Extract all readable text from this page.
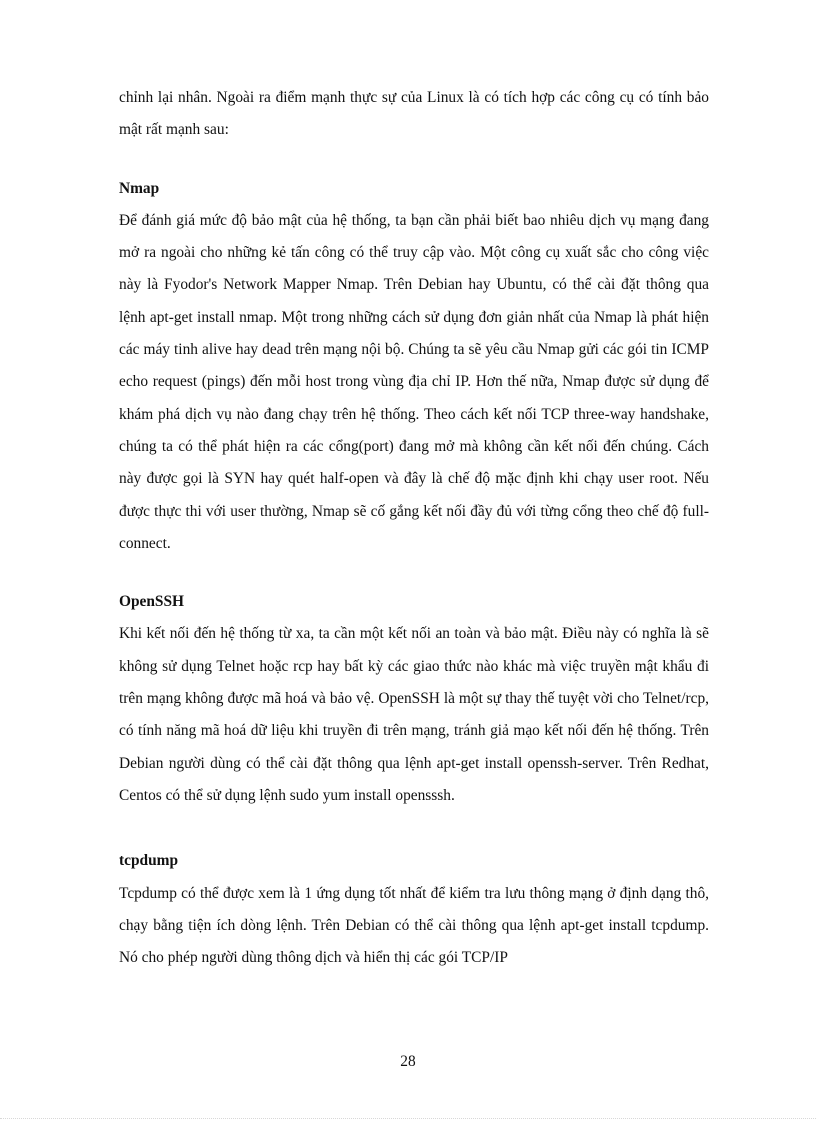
chỉnh lại nhân. Ngoài ra điểm mạnh thực sự của Linux là có tích hợp các công cụ có tính bảo mật rất mạnh sau:

Nmap

Để đánh giá mức độ bảo mật của hệ thống, ta bạn cần phải biết bao nhiêu dịch vụ mạng đang mở ra ngoài cho những kẻ tấn công có thể truy cập vào. Một công cụ xuất sắc cho công việc này là Fyodor's Network Mapper Nmap. Trên Debian hay Ubuntu, có thể cài đặt thông qua lệnh apt-get install nmap. Một trong những cách sử dụng đơn giản nhất của Nmap là phát hiện các máy tinh alive hay dead trên mạng nội bộ. Chúng ta sẽ yêu cầu Nmap gửi các gói tin ICMP echo request (pings) đến mỗi host trong vùng địa chỉ IP. Hơn thế nữa, Nmap được sử dụng để khám phá dịch vụ nào đang chạy trên hệ thống. Theo cách kết nối TCP three-way handshake, chúng ta có thể phát hiện ra các cổng(port) đang mở mà không cần kết nối đến chúng. Cách này được gọi là SYN hay quét half-open và đây là chế độ mặc định khi chạy user root. Nếu được thực thi với user thường, Nmap sẽ cố gắng kết nối đầy đủ với từng cổng theo chế độ full-connect.

OpenSSH

Khi kết nối đến hệ thống từ xa, ta cần một kết nối an toàn và bảo mật. Điều này có nghĩa là sẽ không sử dụng Telnet hoặc rcp hay bất kỳ các giao thức nào khác mà việc truyền mật khẩu đi trên mạng không được mã hoá và bảo vệ. OpenSSH là một sự thay thế tuyệt vời cho Telnet/rcp, có tính năng mã hoá dữ liệu khi truyền đi trên mạng, tránh giả mạo kết nối đến hệ thống. Trên Debian người dùng có thể cài đặt thông qua lệnh apt-get install openssh-server. Trên Redhat, Centos có thể sử dụng lệnh sudo yum install opensssh.

tcpdump

Tcpdump có thể được xem là 1 ứng dụng tốt nhất để kiểm tra lưu thông mạng ở định dạng thô, chạy bằng tiện ích dòng lệnh. Trên Debian có thể cài thông qua lệnh apt-get install tcpdump. Nó cho phép người dùng thông dịch và hiển thị các gói TCP/IP

28
